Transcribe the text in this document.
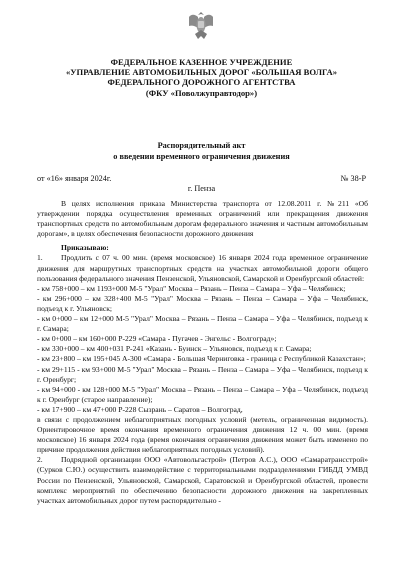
ФЕДЕРАЛЬНОЕ КАЗЕННОЕ УЧРЕЖДЕНИЕ
«УПРАВЛЕНИЕ АВТОМОБИЛЬНЫХ ДОРОГ «БОЛЬШАЯ ВОЛГА»
ФЕДЕРАЛЬНОГО ДОРОЖНОГО АГЕНТСТВА
(ФКУ «Поволжуправтодор»)
Распорядительный акт
о введении временного ограничения движения
от «16» января 2024г.	№ 38-Р
г. Пенза

В целях исполнения приказа Министерства транспорта от 12.08.2011 г. №211 «Об утверждении порядка осуществления временных ограничений или прекращения движения транспортных средств по автомобильным дорогам федерального значения и частным автомобильным дорогам», в целях обеспечения безопасности дорожного движения

Приказываю:

1. Продлить с 07 ч. 00 мин. (время московское) 16 января 2024 года временное ограничение движения для маршрутных транспортных средств на участках автомобильной дороги общего пользования федерального значения Пензенской, Ульяновской, Самарской и Оренбургской областей:

- км 758+000 – км 1193+000 М-5 "Урал" Москва – Рязань – Пенза – Самара – Уфа – Челябинск;

- км 296+000 – км 328+400 М-5 "Урал" Москва – Рязань – Пенза – Самара – Уфа – Челябинск, подъезд к г. Ульяновск;

- км 0+000 – км 12+000 М-5 "Урал" Москва – Рязань – Пенза – Самара – Уфа – Челябинск, подъезд к г. Самара;

- км 0+000 – км 160+000 Р-229 «Самара - Пугачев - Энгельс - Волгоград»;

- км 330+000 – км 400+031 Р-241 «Казань - Буинск – Ульяновск, подъезд к г. Самара;

- км 23+800 – км 195+045 А-300 «Самара - Большая Черниговка - граница с Республикой Казахстан»;

- км 29+115 - км 93+000 М-5 "Урал" Москва – Рязань – Пенза – Самара – Уфа – Челябинск, подъезд к г. Оренбург;

- км 94+000 - км 128+000 М-5 "Урал" Москва – Рязань – Пенза – Самара – Уфа – Челябинск, подъезд к г. Оренбург (старое направление);

- км 17+900 – км 47+000 Р-228 Сызрань – Саратов – Волгоград,

в связи с продолжением неблагоприятных погодных условий (метель, ограниченная видимость). Ориентировочное время окончания временного ограничения движения 12 ч. 00 мин. (время московское) 16 января 2024 года (время окончания ограничения движения может быть изменено по причине продолжения действия неблагоприятных погодных условий).

2. Подрядной организации ООО «Автовольгастрой» (Петров А.С.), ООО «Самаратрансстрой» (Сурков С.Ю.) осуществить взаимодействие с территориальными подразделениями ГИБДД УМВД России по Пензенской, Ульяновской, Самарской, Саратовской и Оренбургской областей, провести комплекс мероприятий по обеспечению безопасности дорожного движения на закрепленных участках автомобильных дорог путем распорядительно -
